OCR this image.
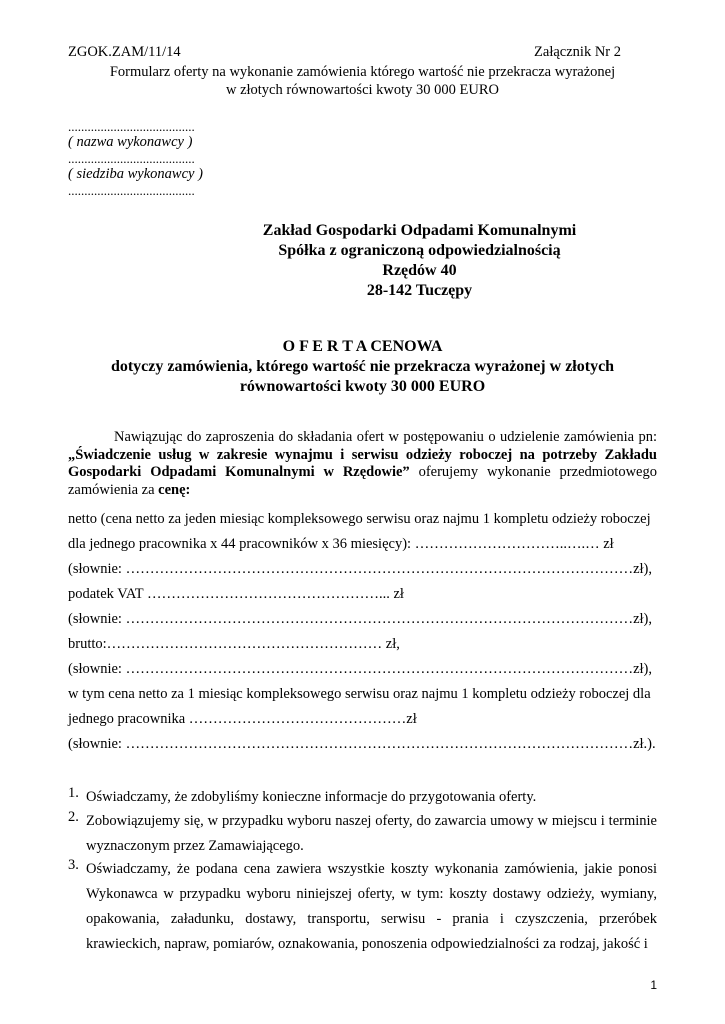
ZGOK.ZAM/11/14	Załącznik Nr 2
Formularz oferty na wykonanie zamówienia którego wartość nie przekracza wyrażonej
w złotych równowartości kwoty 30 000 EURO
.......................................
( nazwa wykonawcy )
.......................................
( siedziba wykonawcy )
.......................................
Zakład Gospodarki Odpadami Komunalnymi
Spółka z ograniczoną odpowiedzialnością
Rzędów 40
28-142 Tuczępy
O F E R T A CENOWA
dotyczy zamówienia, którego wartość nie przekracza wyrażonej w złotych
równowartości kwoty 30 000 EURO
Nawiązując do zaproszenia do składania ofert w postępowaniu o udzielenie zamówienia pn: „Świadczenie usług w zakresie wynajmu i serwisu odzieży roboczej na potrzeby Zakładu Gospodarki Odpadami Komunalnymi w Rzędowie” oferujemy wykonanie przedmiotowego zamówienia za cenę:
netto (cena netto za jeden miesiąc kompleksowego serwisu oraz najmu 1 kompletu odzieży roboczej
dla jednego pracownika x 44 pracowników x 36 miesięcy): …………………………..….… zł
(słownie: ……………………………………………………………………………………………zł),
podatek VAT …………………………………………... zł
(słownie: ……………………………………………………………………………………………zł),
brutto:………………………………………………… zł,
(słownie: ……………………………………………………………………………………………zł),
w tym cena netto za 1 miesiąc kompleksowego serwisu oraz najmu 1 kompletu odzieży roboczej dla
jednego pracownika ………………………………………zł
(słownie: ……………………………………………………………………………………………zł.).
1. Oświadczamy, że zdobyliśmy konieczne informacje do przygotowania oferty.
2. Zobowiązujemy się, w przypadku wyboru naszej oferty, do zawarcia umowy w miejscu i terminie wyznaczonym przez Zamawiającego.
3. Oświadczamy, że podana cena zawiera wszystkie koszty wykonania zamówienia, jakie ponosi Wykonawca w przypadku wyboru niniejszej oferty, w tym: koszty dostawy odzieży, wymiany, opakowania, załadunku, dostawy, transportu, serwisu - prania i czyszczenia, przeróbek krawieckich, napraw, pomiarów, oznakowania, ponoszenia odpowiedzialności za rodzaj, jakość i
1
